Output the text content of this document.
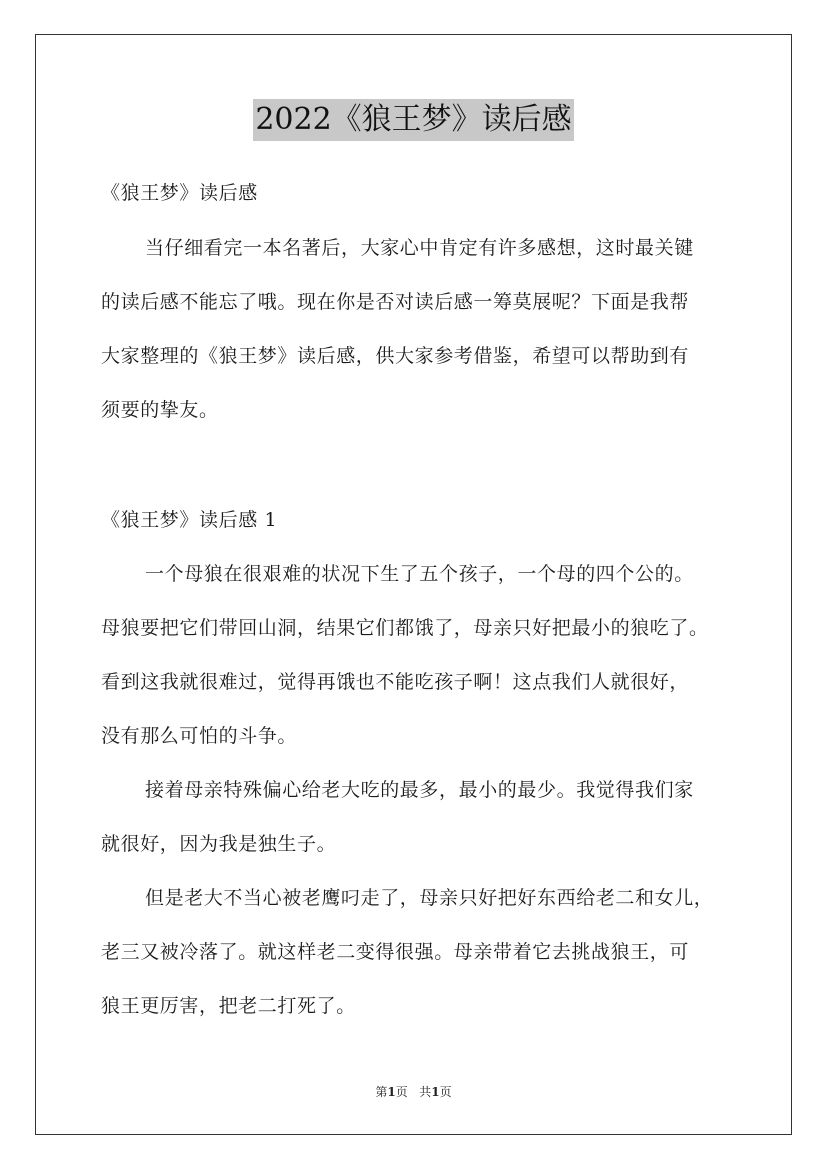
2022《狼王梦》读后感
《狼王梦》读后感
当仔细看完一本名著后，大家心中肯定有许多感想，这时最关键
的读后感不能忘了哦。现在你是否对读后感一筹莫展呢？下面是我帮
大家整理的《狼王梦》读后感，供大家参考借鉴，希望可以帮助到有
须要的挚友。
《狼王梦》读后感 1
一个母狼在很艰难的状况下生了五个孩子，一个母的四个公的。
母狼要把它们带回山洞，结果它们都饿了，母亲只好把最小的狼吃了。
看到这我就很难过，觉得再饿也不能吃孩子啊！这点我们人就很好，
没有那么可怕的斗争。
接着母亲特殊偏心给老大吃的最多，最小的最少。我觉得我们家
就很好，因为我是独生子。
但是老大不当心被老鹰叼走了，母亲只好把好东西给老二和女儿，
老三又被冷落了。就这样老二变得很强。母亲带着它去挑战狼王，可
狼王更厉害，把老二打死了。
第1页 共1页
